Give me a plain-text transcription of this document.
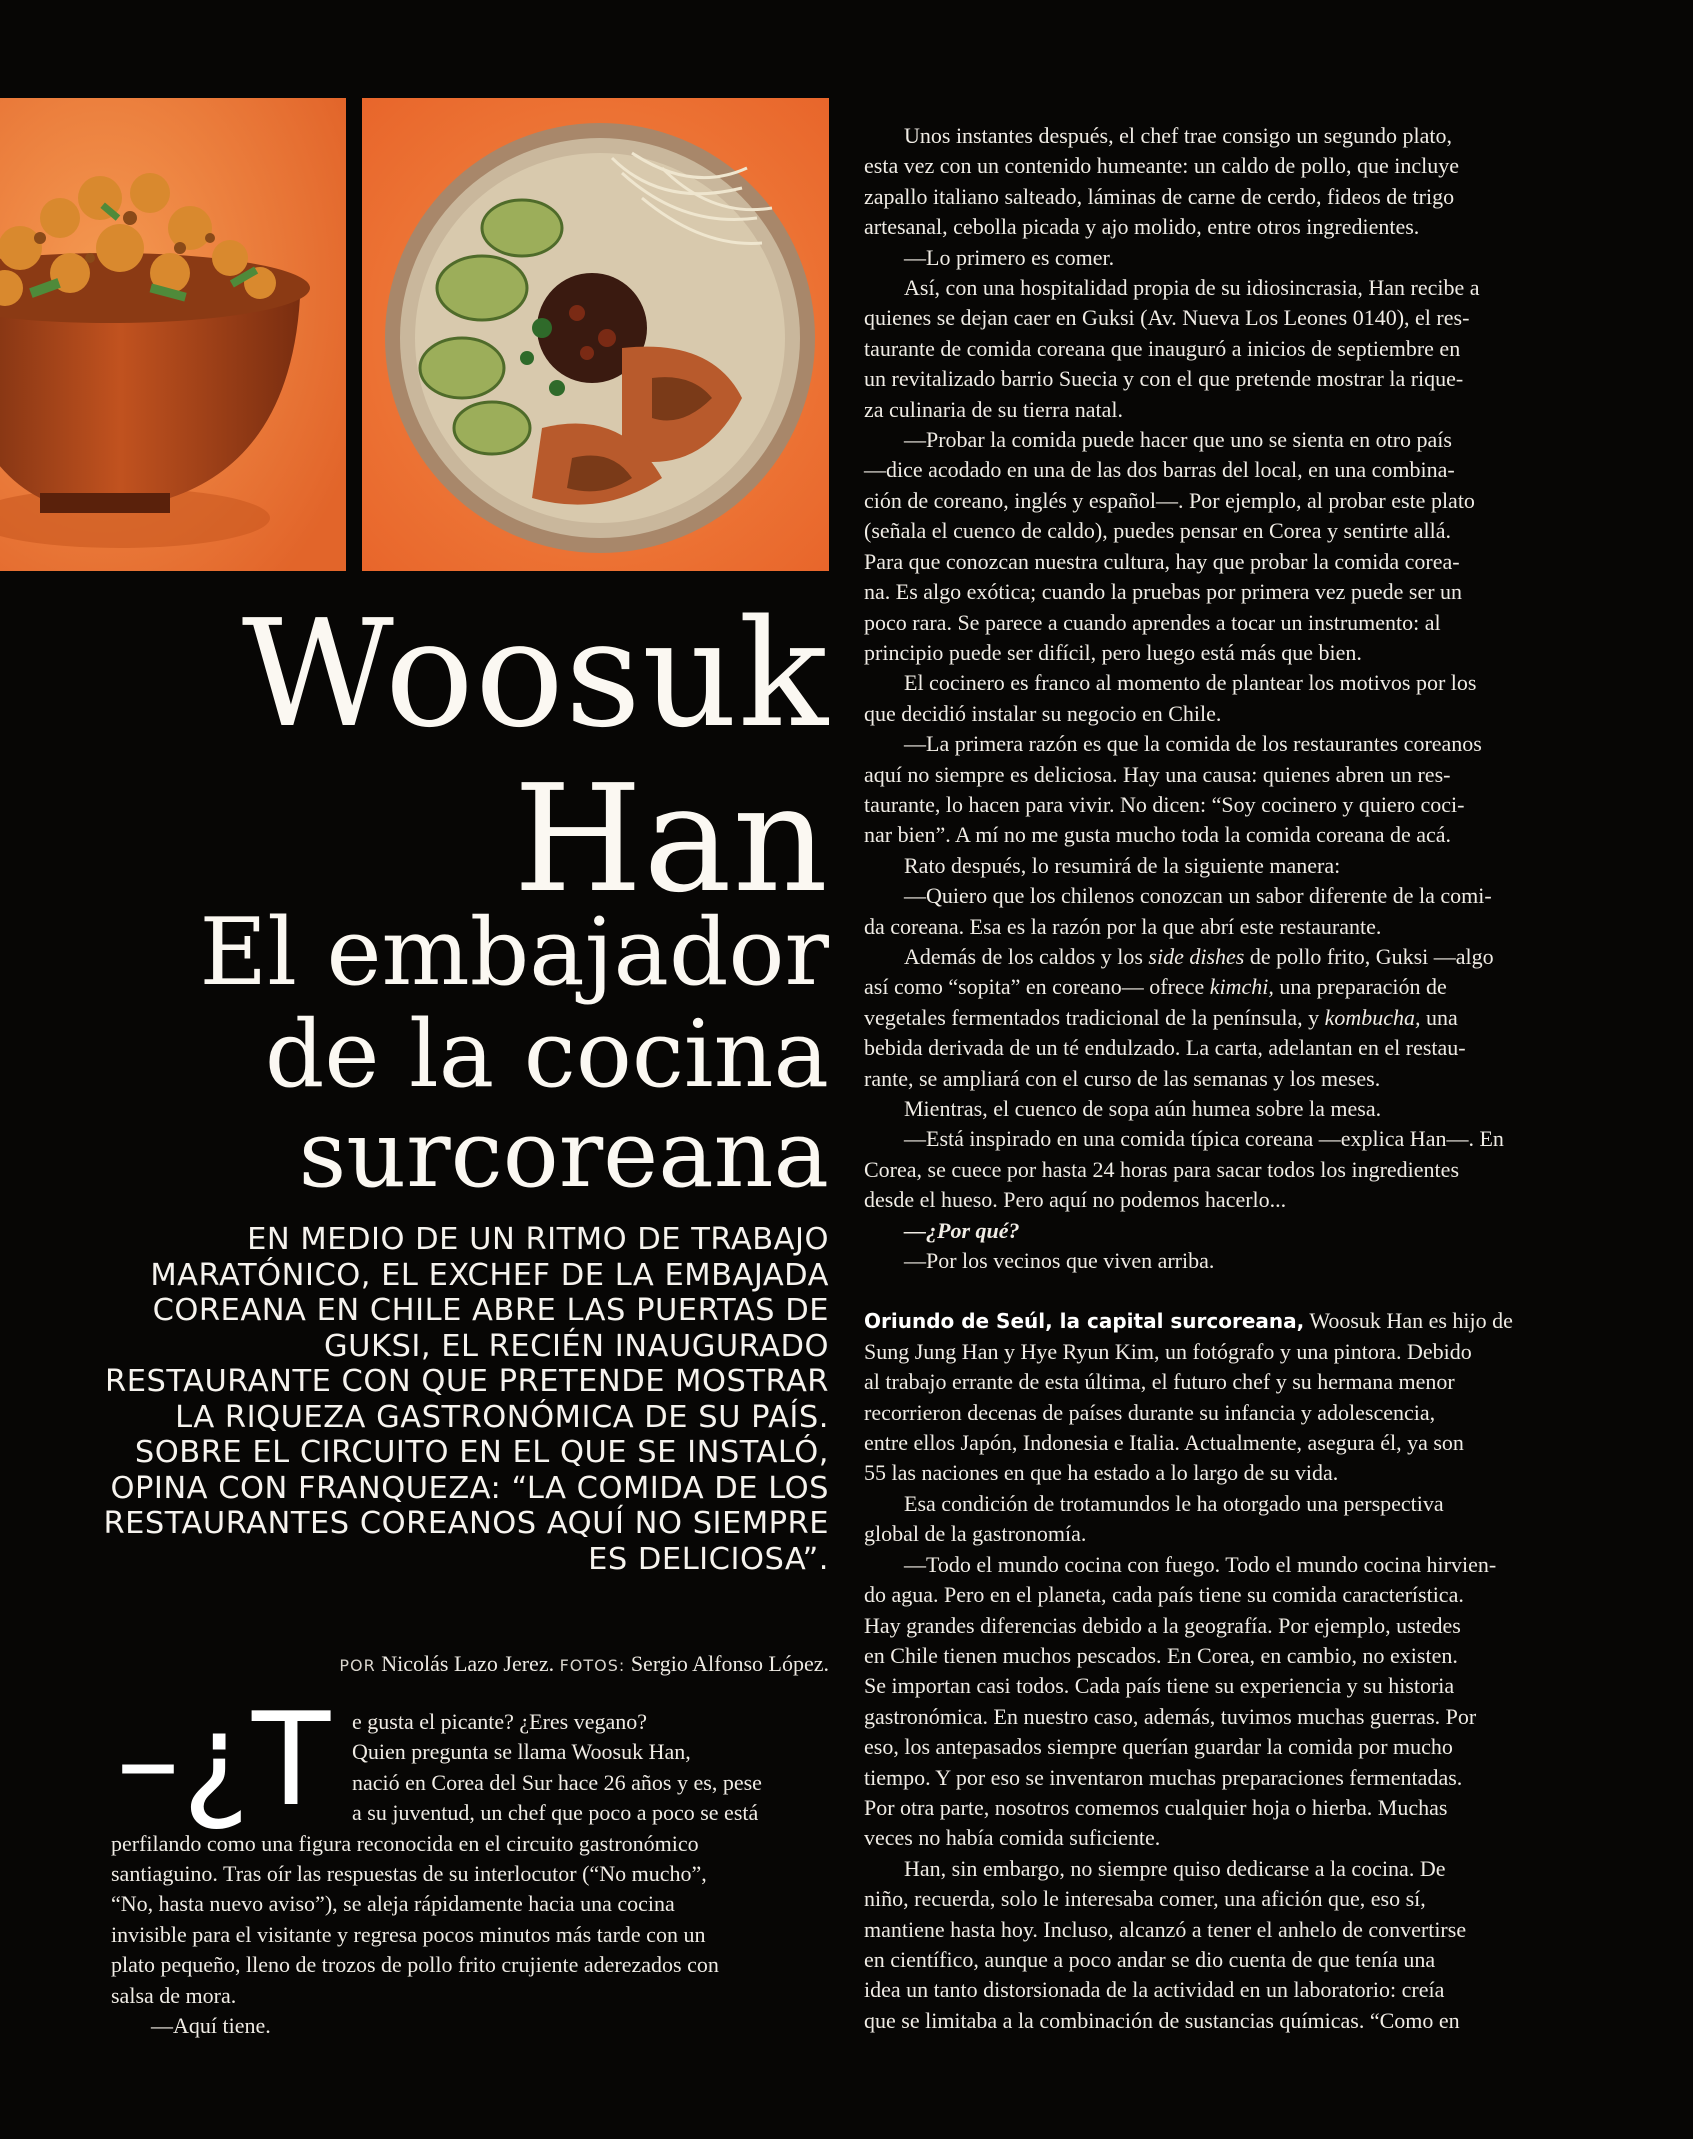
Woosuk
Han
El embajador
de la cocina
surcoreana

EN MEDIO DE UN RITMO DE TRABAJO MARATÓNICO, EL EXCHEF DE LA EMBAJADA COREANA EN CHILE ABRE LAS PUERTAS DE GUKSI, EL RECIÉN INAUGURADO RESTAURANTE CON QUE PRETENDE MOSTRAR LA RIQUEZA GASTRONÓMICA DE SU PAÍS. SOBRE EL CIRCUITO EN EL QUE SE INSTALÓ, OPINA CON FRANQUEZA: “LA COMIDA DE LOS RESTAURANTES COREANOS AQUÍ NO SIEMPRE ES DELICIOSA”.

POR Nicolás Lazo Jerez. FOTOS: Sergio Alfonso López.
–¿T e gusta el picante? ¿Eres vegano?
Quien pregunta se llama Woosuk Han,
nació en Corea del Sur hace 26 años y es, pese
a su juventud, un chef que poco a poco se está
perfilando como una figura reconocida en el circuito gastronómico
santiaguino. Tras oír las respuestas de su interlocutor (“No mucho”,
“No, hasta nuevo aviso”), se aleja rápidamente hacia una cocina
invisible para el visitante y regresa pocos minutos más tarde con un
plato pequeño, lleno de trozos de pollo frito crujiente aderezados con
salsa de mora.
—Aquí tiene.
Unos instantes después, el chef trae consigo un segundo plato,
esta vez con un contenido humeante: un caldo de pollo, que incluye
zapallo italiano salteado, láminas de carne de cerdo, fideos de trigo
artesanal, cebolla picada y ajo molido, entre otros ingredientes.
—Lo primero es comer.
Así, con una hospitalidad propia de su idiosincrasia, Han recibe a
quienes se dejan caer en Guksi (Av. Nueva Los Leones 0140), el res-
taurante de comida coreana que inauguró a inicios de septiembre en
un revitalizado barrio Suecia y con el que pretende mostrar la rique-
za culinaria de su tierra natal.
—Probar la comida puede hacer que uno se sienta en otro país
—dice acodado en una de las dos barras del local, en una combina-
ción de coreano, inglés y español—. Por ejemplo, al probar este plato
(señala el cuenco de caldo), puedes pensar en Corea y sentirte allá.
Para que conozcan nuestra cultura, hay que probar la comida corea-
na. Es algo exótica; cuando la pruebas por primera vez puede ser un
poco rara. Se parece a cuando aprendes a tocar un instrumento: al
principio puede ser difícil, pero luego está más que bien.
El cocinero es franco al momento de plantear los motivos por los
que decidió instalar su negocio en Chile.
—La primera razón es que la comida de los restaurantes coreanos
aquí no siempre es deliciosa. Hay una causa: quienes abren un res-
taurante, lo hacen para vivir. No dicen: “Soy cocinero y quiero coci-
nar bien”. A mí no me gusta mucho toda la comida coreana de acá.
Rato después, lo resumirá de la siguiente manera:
—Quiero que los chilenos conozcan un sabor diferente de la comi-
da coreana. Esa es la razón por la que abrí este restaurante.
Además de los caldos y los side dishes de pollo frito, Guksi —algo
así como “sopita” en coreano— ofrece kimchi, una preparación de
vegetales fermentados tradicional de la península, y kombucha, una
bebida derivada de un té endulzado. La carta, adelantan en el restau-
rante, se ampliará con el curso de las semanas y los meses.
Mientras, el cuenco de sopa aún humea sobre la mesa.
—Está inspirado en una comida típica coreana —explica Han—. En
Corea, se cuece por hasta 24 horas para sacar todos los ingredientes
desde el hueso. Pero aquí no podemos hacerlo...
—¿Por qué?
—Por los vecinos que viven arriba.
Oriundo de Seúl, la capital surcoreana, Woosuk Han es hijo de
Sung Jung Han y Hye Ryun Kim, un fotógrafo y una pintora. Debido
al trabajo errante de esta última, el futuro chef y su hermana menor
recorrieron decenas de países durante su infancia y adolescencia,
entre ellos Japón, Indonesia e Italia. Actualmente, asegura él, ya son
55 las naciones en que ha estado a lo largo de su vida.
Esa condición de trotamundos le ha otorgado una perspectiva
global de la gastronomía.
—Todo el mundo cocina con fuego. Todo el mundo cocina hirvien-
do agua. Pero en el planeta, cada país tiene su comida característica.
Hay grandes diferencias debido a la geografía. Por ejemplo, ustedes
en Chile tienen muchos pescados. En Corea, en cambio, no existen.
Se importan casi todos. Cada país tiene su experiencia y su historia
gastronómica. En nuestro caso, además, tuvimos muchas guerras. Por
eso, los antepasados siempre querían guardar la comida por mucho
tiempo. Y por eso se inventaron muchas preparaciones fermentadas.
Por otra parte, nosotros comemos cualquier hoja o hierba. Muchas
veces no había comida suficiente.
Han, sin embargo, no siempre quiso dedicarse a la cocina. De
niño, recuerda, solo le interesaba comer, una afición que, eso sí,
mantiene hasta hoy. Incluso, alcanzó a tener el anhelo de convertirse
en científico, aunque a poco andar se dio cuenta de que tenía una
idea un tanto distorsionada de la actividad en un laboratorio: creía
que se limitaba a la combinación de sustancias químicas. “Como en
